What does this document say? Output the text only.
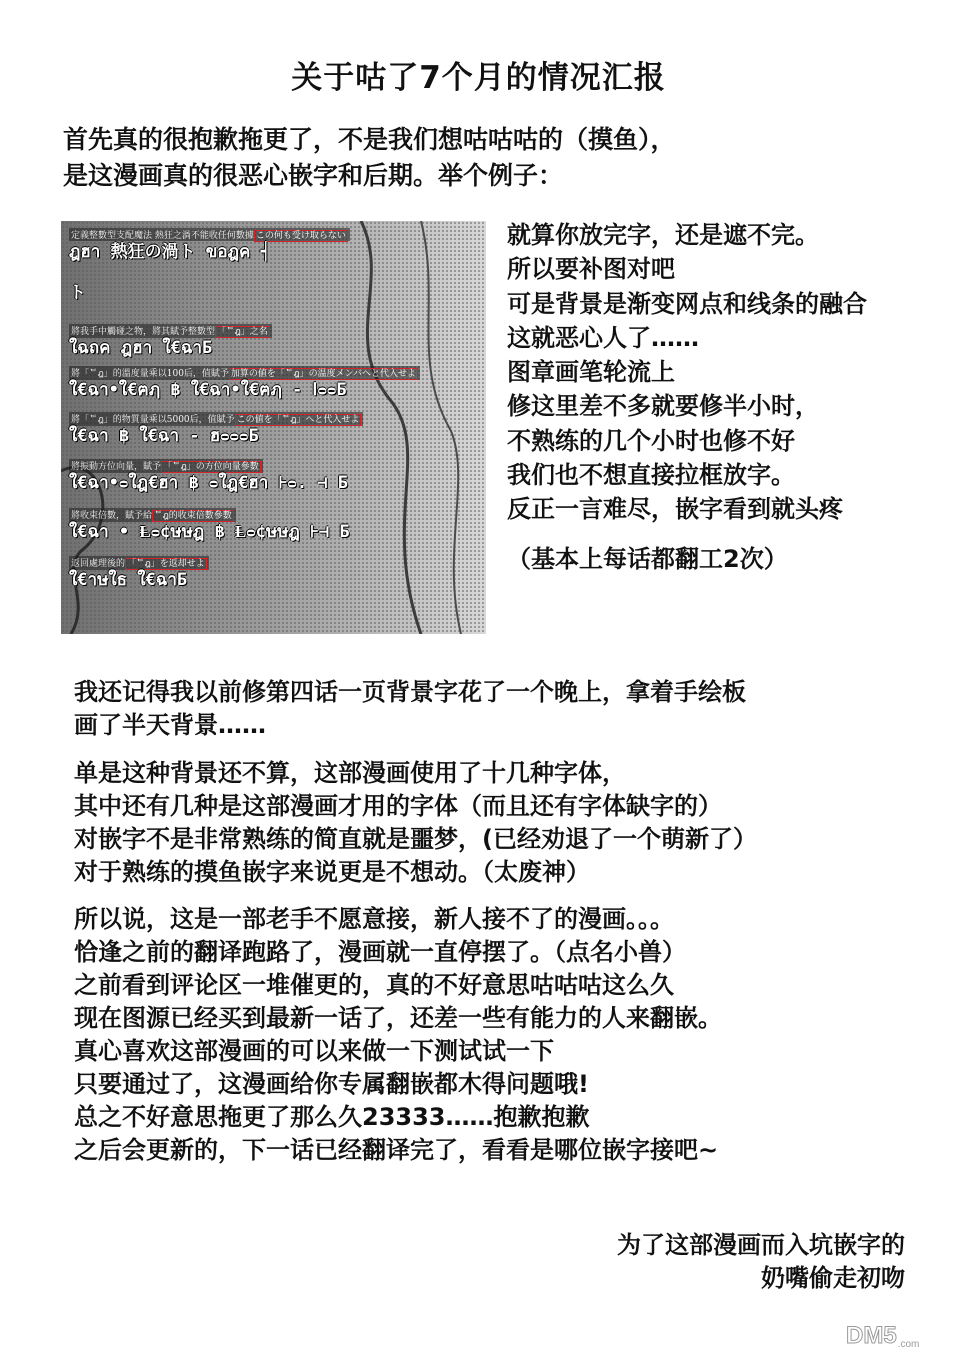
关于咕了7个月的情况汇报
首先真的很抱歉拖更了，不是我们想咕咕咕的（摸鱼），
是这漫画真的很恶心嵌字和后期。举个例子：
定義整數型支配魔法 熱狂之渦不能收任何數據 この何も受け取らない
ฎฮา 熱狂の渦ト ขอฎค ┥
ト
將我手中觸碰之物，將其賦予整數型 「ᄃฎ」之名
ใฉถค ฎฮา ใ€ฉาБ
將「ᄃฎ」的溫度量乘以100后，值賦予 加算の値を「ᄃฎ」の温度メンバへと代入せよ
ใ€ฉา•ใ€ฅฦ ฿ ใ€ฉา•ใ€ฅฦ - ⅠᴑᴑБ
將「ᄃฎ」的物質量乘以5000后，值賦予 この値を「ᄃฎ」へと代入せよ
ใ€ฉา ฿ ใ€ฉา - ฮᴑᴑᴑБ
將振動方位向量，賦予 「ᄃฎ」の方位向量參數
ใ€ฉา•ᴑใฎ€ฮา ฿ ᴑใฎ€ฮา ⊦ᴑ. ⊣ Б
將收束倍數，賦予給 ᄃฎ的收束倍數參數
ใ€ฉา • Ⱡᴑ¢ษษฎ ฿ Ⱡᴑ¢ษษฎ ⊦⊣ Б
返回處理後的 「ᄃฎ」を返却せよ
ใ€าษใธ ใ€ฉาБ
就算你放完字，还是遮不完。
所以要补图对吧
可是背景是渐变网点和线条的融合
这就恶心人了……
图章画笔轮流上
修这里差不多就要修半小时，
不熟练的几个小时也修不好
我们也不想直接拉框放字。
反正一言难尽，嵌字看到就头疼
（基本上每话都翻工2次）
我还记得我以前修第四话一页背景字花了一个晚上，拿着手绘板
画了半天背景……
单是这种背景还不算，这部漫画使用了十几种字体，
其中还有几种是这部漫画才用的字体（而且还有字体缺字的）
对嵌字不是非常熟练的简直就是噩梦，(已经劝退了一个萌新了）
对于熟练的摸鱼嵌字来说更是不想动。（太废神）
所以说，这是一部老手不愿意接，新人接不了的漫画。。。
恰逢之前的翻译跑路了，漫画就一直停摆了。（点名小兽）
之前看到评论区一堆催更的，真的不好意思咕咕咕这么久
现在图源已经买到最新一话了，还差一些有能力的人来翻嵌。
真心喜欢这部漫画的可以来做一下测试试一下
只要通过了，这漫画给你专属翻嵌都木得问题哦!
总之不好意思拖更了那么久23333……抱歉抱歉
之后会更新的，下一话已经翻译完了，看看是哪位嵌字接吧~
为了这部漫画而入坑嵌字的
奶嘴偷走初吻
DM5 .com
